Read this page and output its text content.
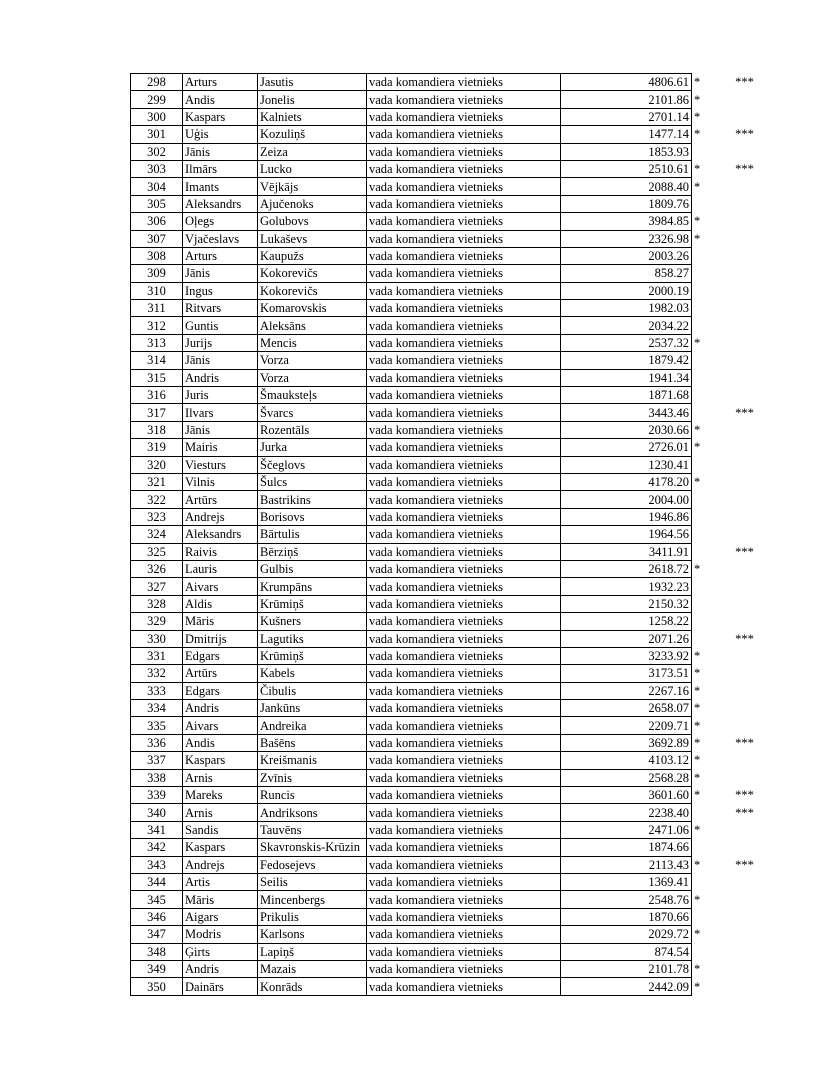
298	Arturs	Jasutis	vada komandiera vietnieks	4806.61	*	***
299	Andis	Jonelis	vada komandiera vietnieks	2101.86	*	
300	Kaspars	Kalniets	vada komandiera vietnieks	2701.14	*	
301	Uģis	Kozuliņš	vada komandiera vietnieks	1477.14	*	***
302	Jānis	Zeiza	vada komandiera vietnieks	1853.93		
303	Ilmārs	Lucko	vada komandiera vietnieks	2510.61	*	***
304	Imants	Vējkājs	vada komandiera vietnieks	2088.40	*	
305	Aleksandrs	Ajučenoks	vada komandiera vietnieks	1809.76		
306	Oļegs	Golubovs	vada komandiera vietnieks	3984.85	*	
307	Vjačeslavs	Lukaševs	vada komandiera vietnieks	2326.98	*	
308	Arturs	Kaupužs	vada komandiera vietnieks	2003.26		
309	Jānis	Kokorevičs	vada komandiera vietnieks	858.27		
310	Ingus	Kokorevičs	vada komandiera vietnieks	2000.19		
311	Ritvars	Komarovskis	vada komandiera vietnieks	1982.03		
312	Guntis	Aleksāns	vada komandiera vietnieks	2034.22		
313	Jurijs	Mencis	vada komandiera vietnieks	2537.32	*	
314	Jānis	Vorza	vada komandiera vietnieks	1879.42		
315	Andris	Vorza	vada komandiera vietnieks	1941.34		
316	Juris	Šmauksteļs	vada komandiera vietnieks	1871.68		
317	Ilvars	Švarcs	vada komandiera vietnieks	3443.46		***
318	Jānis	Rozentāls	vada komandiera vietnieks	2030.66	*	
319	Mairis	Jurka	vada komandiera vietnieks	2726.01	*	
320	Viesturs	Ščeglovs	vada komandiera vietnieks	1230.41		
321	Vilnis	Šulcs	vada komandiera vietnieks	4178.20	*	
322	Artūrs	Bastrikins	vada komandiera vietnieks	2004.00		
323	Andrejs	Borisovs	vada komandiera vietnieks	1946.86		
324	Aleksandrs	Bārtulis	vada komandiera vietnieks	1964.56		
325	Raivis	Bērziņš	vada komandiera vietnieks	3411.91		***
326	Lauris	Gulbis	vada komandiera vietnieks	2618.72	*	
327	Aivars	Krumpāns	vada komandiera vietnieks	1932.23		
328	Aldis	Krūmiņš	vada komandiera vietnieks	2150.32		
329	Māris	Kušners	vada komandiera vietnieks	1258.22		
330	Dmitrijs	Lagutiks	vada komandiera vietnieks	2071.26		***
331	Edgars	Krūmiņš	vada komandiera vietnieks	3233.92	*	
332	Artūrs	Kabels	vada komandiera vietnieks	3173.51	*	
333	Edgars	Čibulis	vada komandiera vietnieks	2267.16	*	
334	Andris	Jankūns	vada komandiera vietnieks	2658.07	*	
335	Aivars	Andreika	vada komandiera vietnieks	2209.71	*	
336	Andis	Bašēns	vada komandiera vietnieks	3692.89	*	***
337	Kaspars	Kreišmanis	vada komandiera vietnieks	4103.12	*	
338	Arnis	Zvīnis	vada komandiera vietnieks	2568.28	*	
339	Mareks	Runcis	vada komandiera vietnieks	3601.60	*	***
340	Arnis	Andriksons	vada komandiera vietnieks	2238.40		***
341	Sandis	Tauvēns	vada komandiera vietnieks	2471.06	*	
342	Kaspars	Skavronskis-Krūzin	vada komandiera vietnieks	1874.66		
343	Andrejs	Fedosejevs	vada komandiera vietnieks	2113.43	*	***
344	Artis	Seilis	vada komandiera vietnieks	1369.41		
345	Māris	Mincenbergs	vada komandiera vietnieks	2548.76	*	
346	Aigars	Prikulis	vada komandiera vietnieks	1870.66		
347	Modris	Karlsons	vada komandiera vietnieks	2029.72	*	
348	Ģirts	Lapiņš	vada komandiera vietnieks	874.54		
349	Andris	Mazais	vada komandiera vietnieks	2101.78	*	
350	Dainārs	Konrāds	vada komandiera vietnieks	2442.09	*	
